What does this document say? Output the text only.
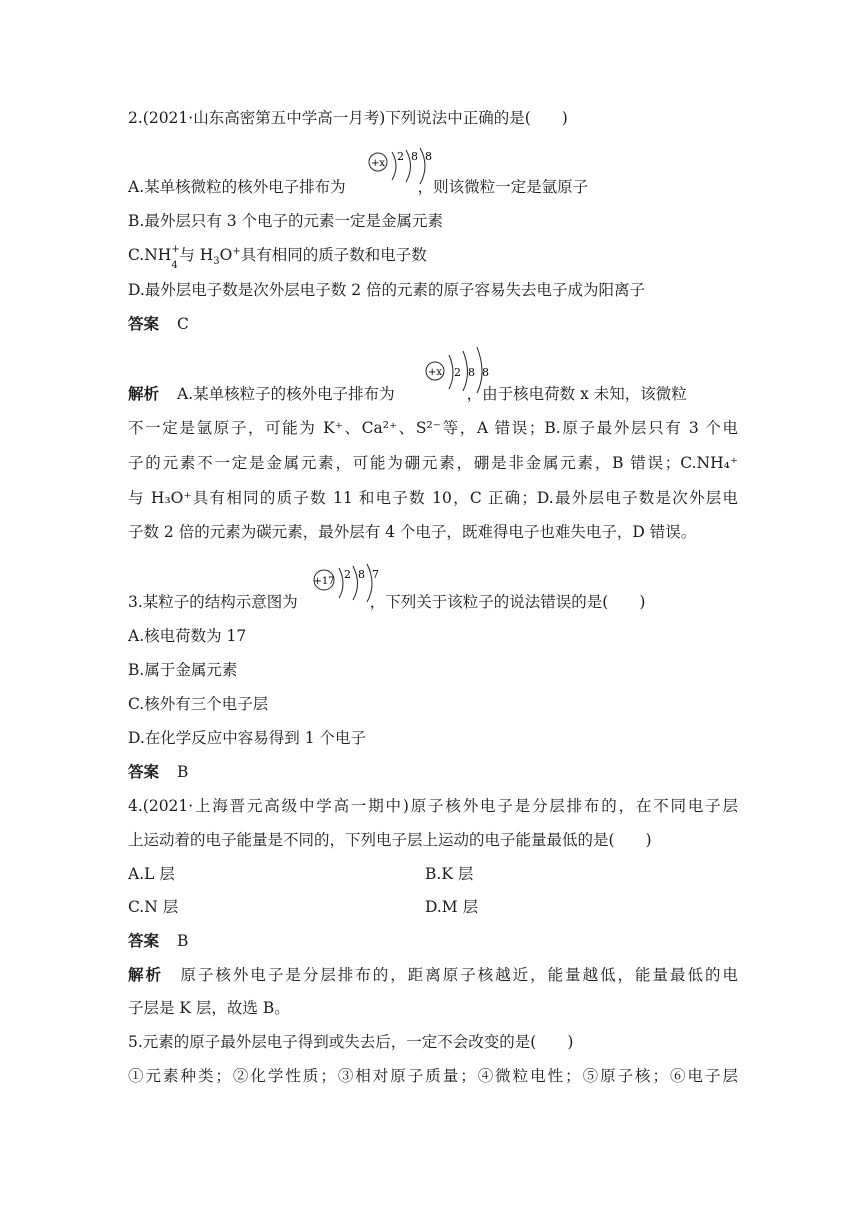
2.(2021·山东高密第五中学高一月考)下列说法中正确的是(　　)
+x
2 8 8
A.某单核微粒的核外电子排布为	，则该微粒一定是氩原子
B.最外层只有 3 个电子的元素一定是金属元素
C.NH +
4
与 $H_3O^+$具有相同的质子数和电子数
D.最外层电子数是次外层电子数 2 倍的元素的原子容易失去电子成为阳离子
答案 C
+x 2 8 8
解析 A.某单核粒子的核外电子排布为	，由于核电荷数 x 未知，该微粒
不一定是氩原子，可能为 K⁺、Ca²⁺、S²⁻等，A 错误；B.原子最外层只有 3 个电
子的元素不一定是金属元素，可能为硼元素，硼是非金属元素，B 错误；C.NH₄⁺
与 H₃O⁺具有相同的质子数 11 和电子数 10，C 正确；D.最外层电子数是次外层电
子数 2 倍的元素为碳元素，最外层有 4 个电子，既难得电子也难失电子，D 错误。
+17
2 8 7
3.某粒子的结构示意图为	，下列关于该粒子的说法错误的是(　　)
A.核电荷数为 17
B.属于金属元素
C.核外有三个电子层
D.在化学反应中容易得到 1 个电子
答案 B
4.(2021·上海晋元高级中学高一期中)原子核外电子是分层排布的，在不同电子层
上运动着的电子能量是不同的，下列电子层上运动的电子能量最低的是(　　)
A.L 层	B.K 层
C.N 层	D.M 层
答案 B
解析　 原子核外电子是分层排布的，距离原子核越近，能量越低，能量最低的电
子层是 K 层，故选 B。
5.元素的原子最外层电子得到或失去后，一定不会改变的是(　　)
①元素种类；②化学性质；③相对原子质量；④微粒电性；⑤原子核；⑥电子层
